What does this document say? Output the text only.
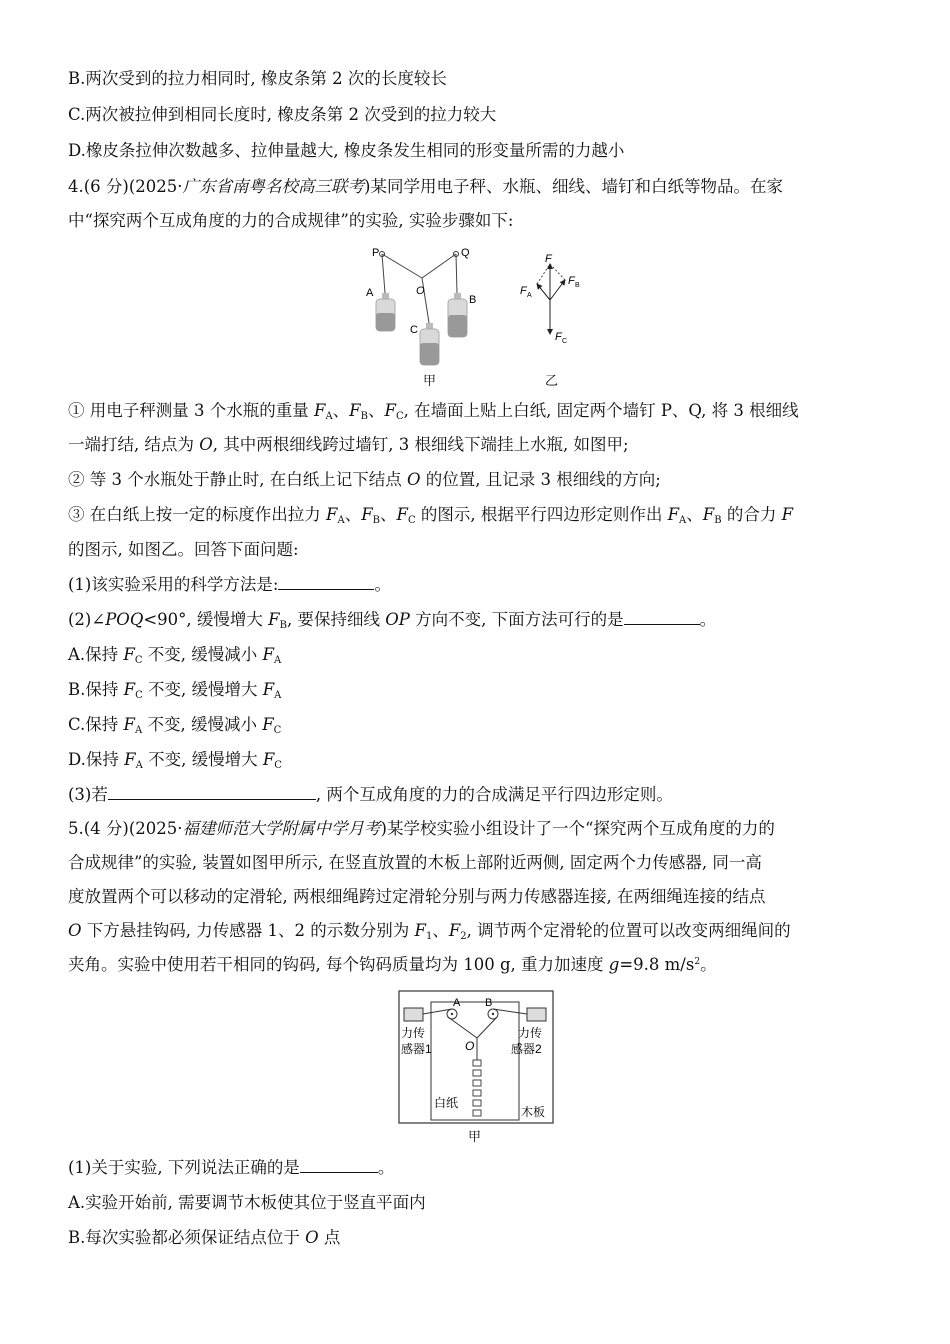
B.两次受到的拉力相同时, 橡皮条第 2 次的长度较长
C.两次被拉伸到相同长度时, 橡皮条第 2 次受到的拉力较大
D.橡皮条拉伸次数越多、拉伸量越大, 橡皮条发生相同的形变量所需的力越小
4.(6 分)(2025·广东省南粤名校高三联考)某同学用电子秤、水瓶、细线、墙钉和白纸等物品。在家
中“探究两个互成角度的力的合成规律”的实验, 实验步骤如下:
P	Q
O
A
B
C
甲
F
F A
F B
F C
乙
① 用电子秤测量 3 个水瓶的重量 $F_A$、$F_B$、$F_C$, 在墙面上贴上白纸, 固定两个墙钉 P、Q, 将 3 根细线
一端打结, 结点为 O, 其中两根细线跨过墙钉, 3 根细线下端挂上水瓶, 如图甲;
② 等 3 个水瓶处于静止时, 在白纸上记下结点 O 的位置, 且记录 3 根细线的方向;
③ 在白纸上按一定的标度作出拉力 $F_A$、$F_B$、$F_C$ 的图示, 根据平行四边形定则作出 $F_A$、$F_B$ 的合力 F
的图示, 如图乙。回答下面问题:
(1)该实验采用的科学方法是:	。
(2)∠POQ<90°, 缓慢增大 $F_B$, 要保持细线 OP 方向不变, 下面方法可行的是	。
A.保持 $F_C$ 不变, 缓慢减小 $F_A$
B.保持 $F_C$ 不变, 缓慢增大 $F_A$
C.保持 $F_A$ 不变, 缓慢减小 $F_C$
D.保持 $F_A$ 不变, 缓慢增大 $F_C$
(3)若	, 两个互成角度的力的合成满足平行四边形定则。
5.(4 分)(2025·福建师范大学附属中学月考)某学校实验小组设计了一个“探究两个互成角度的力的
合成规律”的实验, 装置如图甲所示, 在竖直放置的木板上部附近两侧, 固定两个力传感器, 同一高
度放置两个可以移动的定滑轮, 两根细绳跨过定滑轮分别与两力传感器连接, 在两细绳连接的结点
O 下方悬挂钩码, 力传感器 1、2 的示数分别为 $F_1$、$F_2$, 调节两个定滑轮的位置可以改变两细绳间的
夹角。实验中使用若干相同的钩码, 每个钩码质量均为 100 g, 重力加速度 g=9.8 $m/s^2$。
A B
O
力传
感器1
力传
感器2
白纸
木板
甲
(1)关于实验, 下列说法正确的是	。
A.实验开始前, 需要调节木板使其位于竖直平面内
B.每次实验都必须保证结点位于 O 点
